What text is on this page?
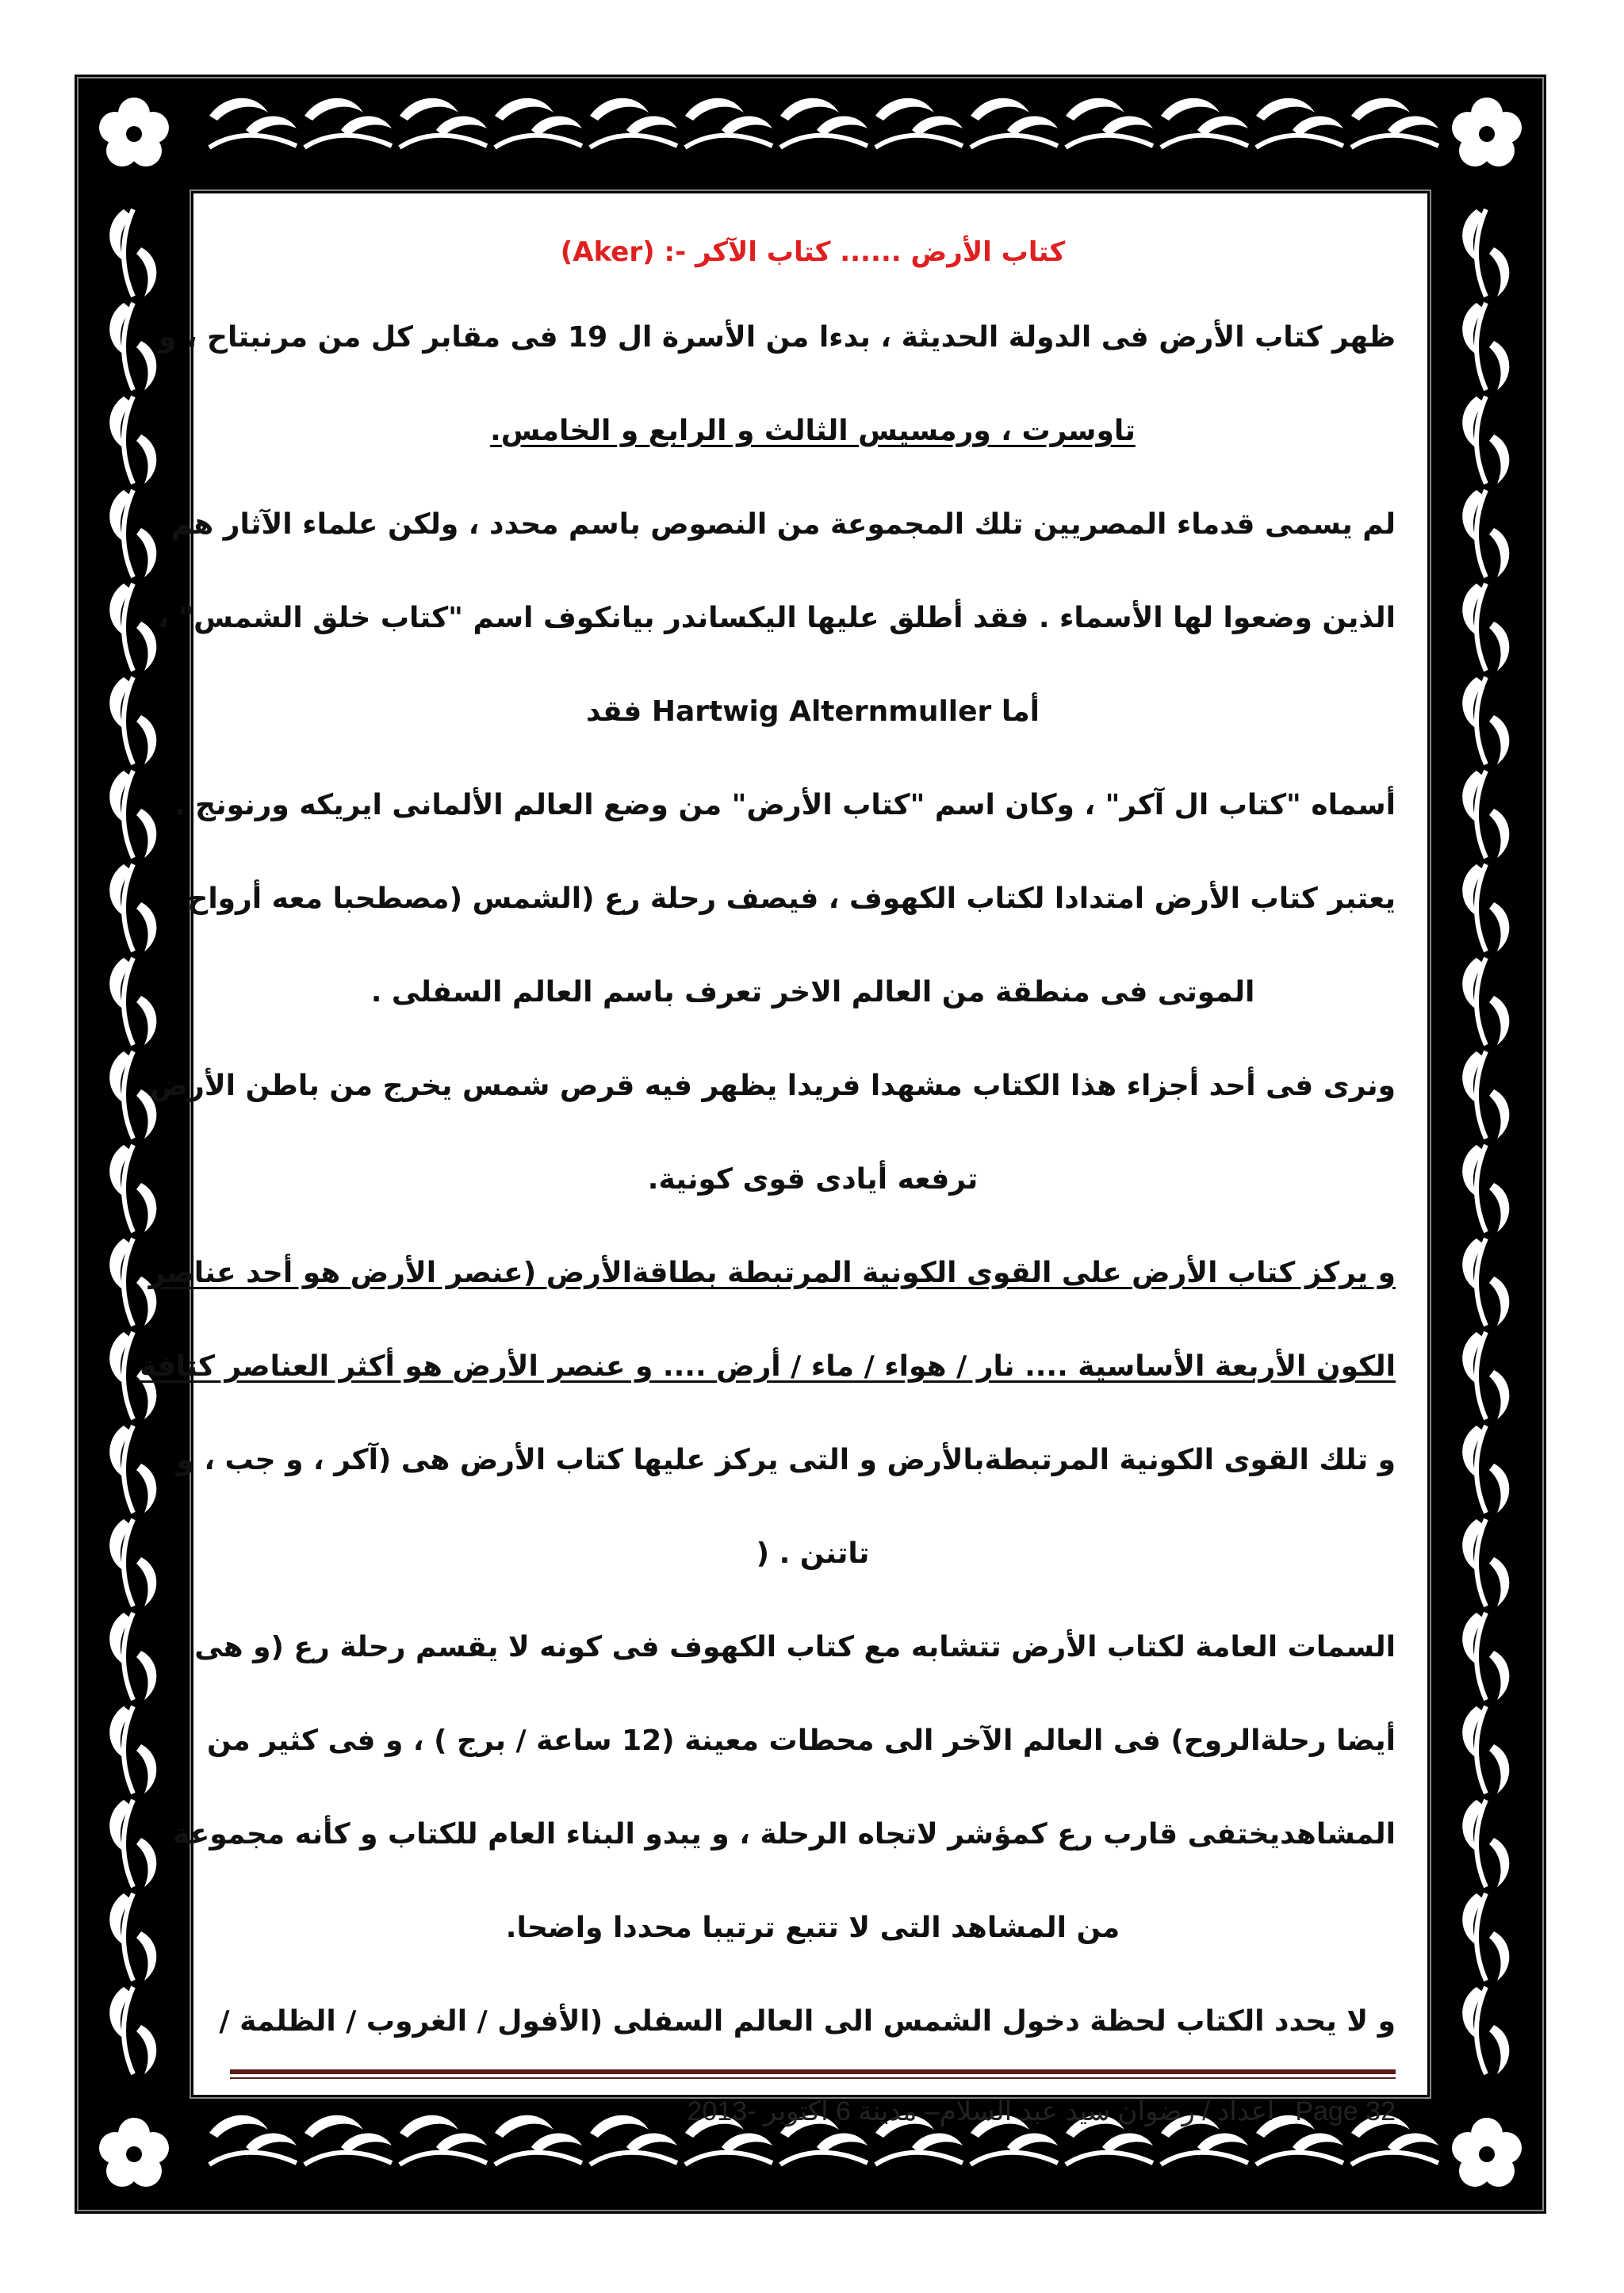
كتاب الأرض ...... كتاب الآكر -: (Aker)
ظهر كتاب الأرض فى الدولة الحديثة ، بدءا من الأسرة ال 19 فى مقابر كل من مرنبتاح ، و
تاوسرت ، ورمسيس الثالث و الرابع و الخامس.
لم يسمى قدماء المصريين تلك المجموعة من النصوص باسم محدد ، ولكن علماء الآثار هم
الذين وضعوا لها الأسماء . فقد أطلق عليها اليكساندر بيانكوف اسم "كتاب خلق الشمس" ،
أما Hartwig Alternmuller فقد
أسماه "كتاب ال آكر" ، وكان اسم "كتاب الأرض" من وضع العالم الألمانى ايريكه ورنونج .
يعتبر كتاب الأرض امتدادا لكتاب الكهوف ، فيصف رحلة رع (الشمس (مصطحبا معه أرواح
الموتى فى منطقة من العالم الاخر تعرف باسم العالم السفلى .
ونرى فى أحد أجزاء هذا الكتاب مشهدا فريدا يظهر فيه قرص شمس يخرج من باطن الأرض
ترفعه أيادى قوى كونية.
و يركز كتاب الأرض على القوى الكونية المرتبطة بطاقةالأرض (عنصر الأرض هو أحد عناصر
الكون الأربعة الأساسية .... نار / هواء / ماء / أرض .... و عنصر الأرض هو أكثر العناصر كثافة
و تلك القوى الكونية المرتبطةبالأرض و التى يركز عليها كتاب الأرض هى (آكر ، و جب ، و
تاتنن . (
السمات العامة لكتاب الأرض تتشابه مع كتاب الكهوف فى كونه لا يقسم رحلة رع (و هى
أيضا رحلةالروح) فى العالم الآخر الى محطات معينة (12 ساعة / برج ) ، و فى كثير من
المشاهديختفى قارب رع كمؤشر لاتجاه الرحلة ، و يبدو البناء العام للكتاب و كأنه مجموعة
من المشاهد التى لا تتبع ترتيبا محددا واضحا.
و لا يحدد الكتاب لحظة دخول الشمس الى العالم السفلى (الأفول / الغروب / الظلمة /
Page 32
اعداد / رضوان سيد عبد السلام– مدينة 6 اكتوبر -2013
